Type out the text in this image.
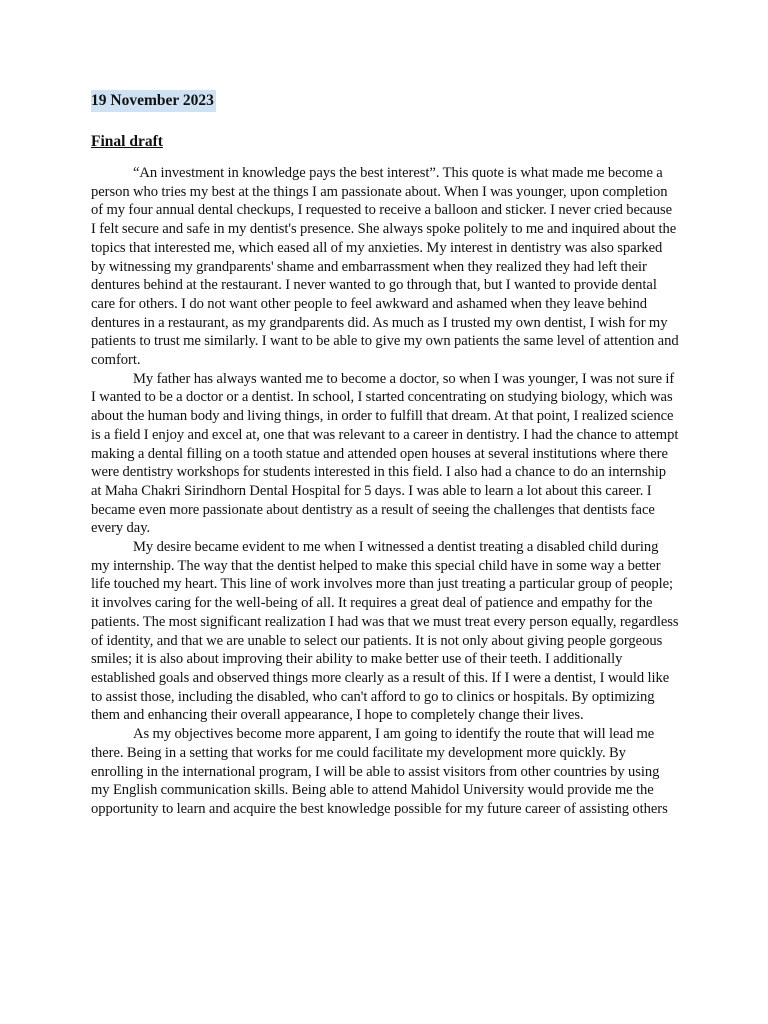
19 November 2023
Final draft

“An investment in knowledge pays the best interest”. This quote is what made me become a person who tries my best at the things I am passionate about. When I was younger, upon completion of my four annual dental checkups, I requested to receive a balloon and sticker. I never cried because I felt secure and safe in my dentist's presence. She always spoke politely to me and inquired about the topics that interested me, which eased all of my anxieties. My interest in dentistry was also sparked by witnessing my grandparents' shame and embarrassment when they realized they had left their dentures behind at the restaurant. I never wanted to go through that, but I wanted to provide dental care for others. I do not want other people to feel awkward and ashamed when they leave behind dentures in a restaurant, as my grandparents did. As much as I trusted my own dentist, I wish for my patients to trust me similarly. I want to be able to give my own patients the same level of attention and comfort.

My father has always wanted me to become a doctor, so when I was younger, I was not sure if I wanted to be a doctor or a dentist. In school, I started concentrating on studying biology, which was about the human body and living things, in order to fulfill that dream. At that point, I realized science is a field I enjoy and excel at, one that was relevant to a career in dentistry. I had the chance to attempt making a dental filling on a tooth statue and attended open houses at several institutions where there were dentistry workshops for students interested in this field. I also had a chance to do an internship at Maha Chakri Sirindhorn Dental Hospital for 5 days. I was able to learn a lot about this career. I became even more passionate about dentistry as a result of seeing the challenges that dentists face every day.

My desire became evident to me when I witnessed a dentist treating a disabled child during my internship. The way that the dentist helped to make this special child have in some way a better life touched my heart. This line of work involves more than just treating a particular group of people; it involves caring for the well-being of all. It requires a great deal of patience and empathy for the patients. The most significant realization I had was that we must treat every person equally, regardless of identity, and that we are unable to select our patients. It is not only about giving people gorgeous smiles; it is also about improving their ability to make better use of their teeth. I additionally established goals and observed things more clearly as a result of this. If I were a dentist, I would like to assist those, including the disabled, who can't afford to go to clinics or hospitals. By optimizing them and enhancing their overall appearance, I hope to completely change their lives.

As my objectives become more apparent, I am going to identify the route that will lead me there. Being in a setting that works for me could facilitate my development more quickly. By enrolling in the international program, I will be able to assist visitors from other countries by using my English communication skills. Being able to attend Mahidol University would provide me the opportunity to learn and acquire the best knowledge possible for my future career of assisting others
